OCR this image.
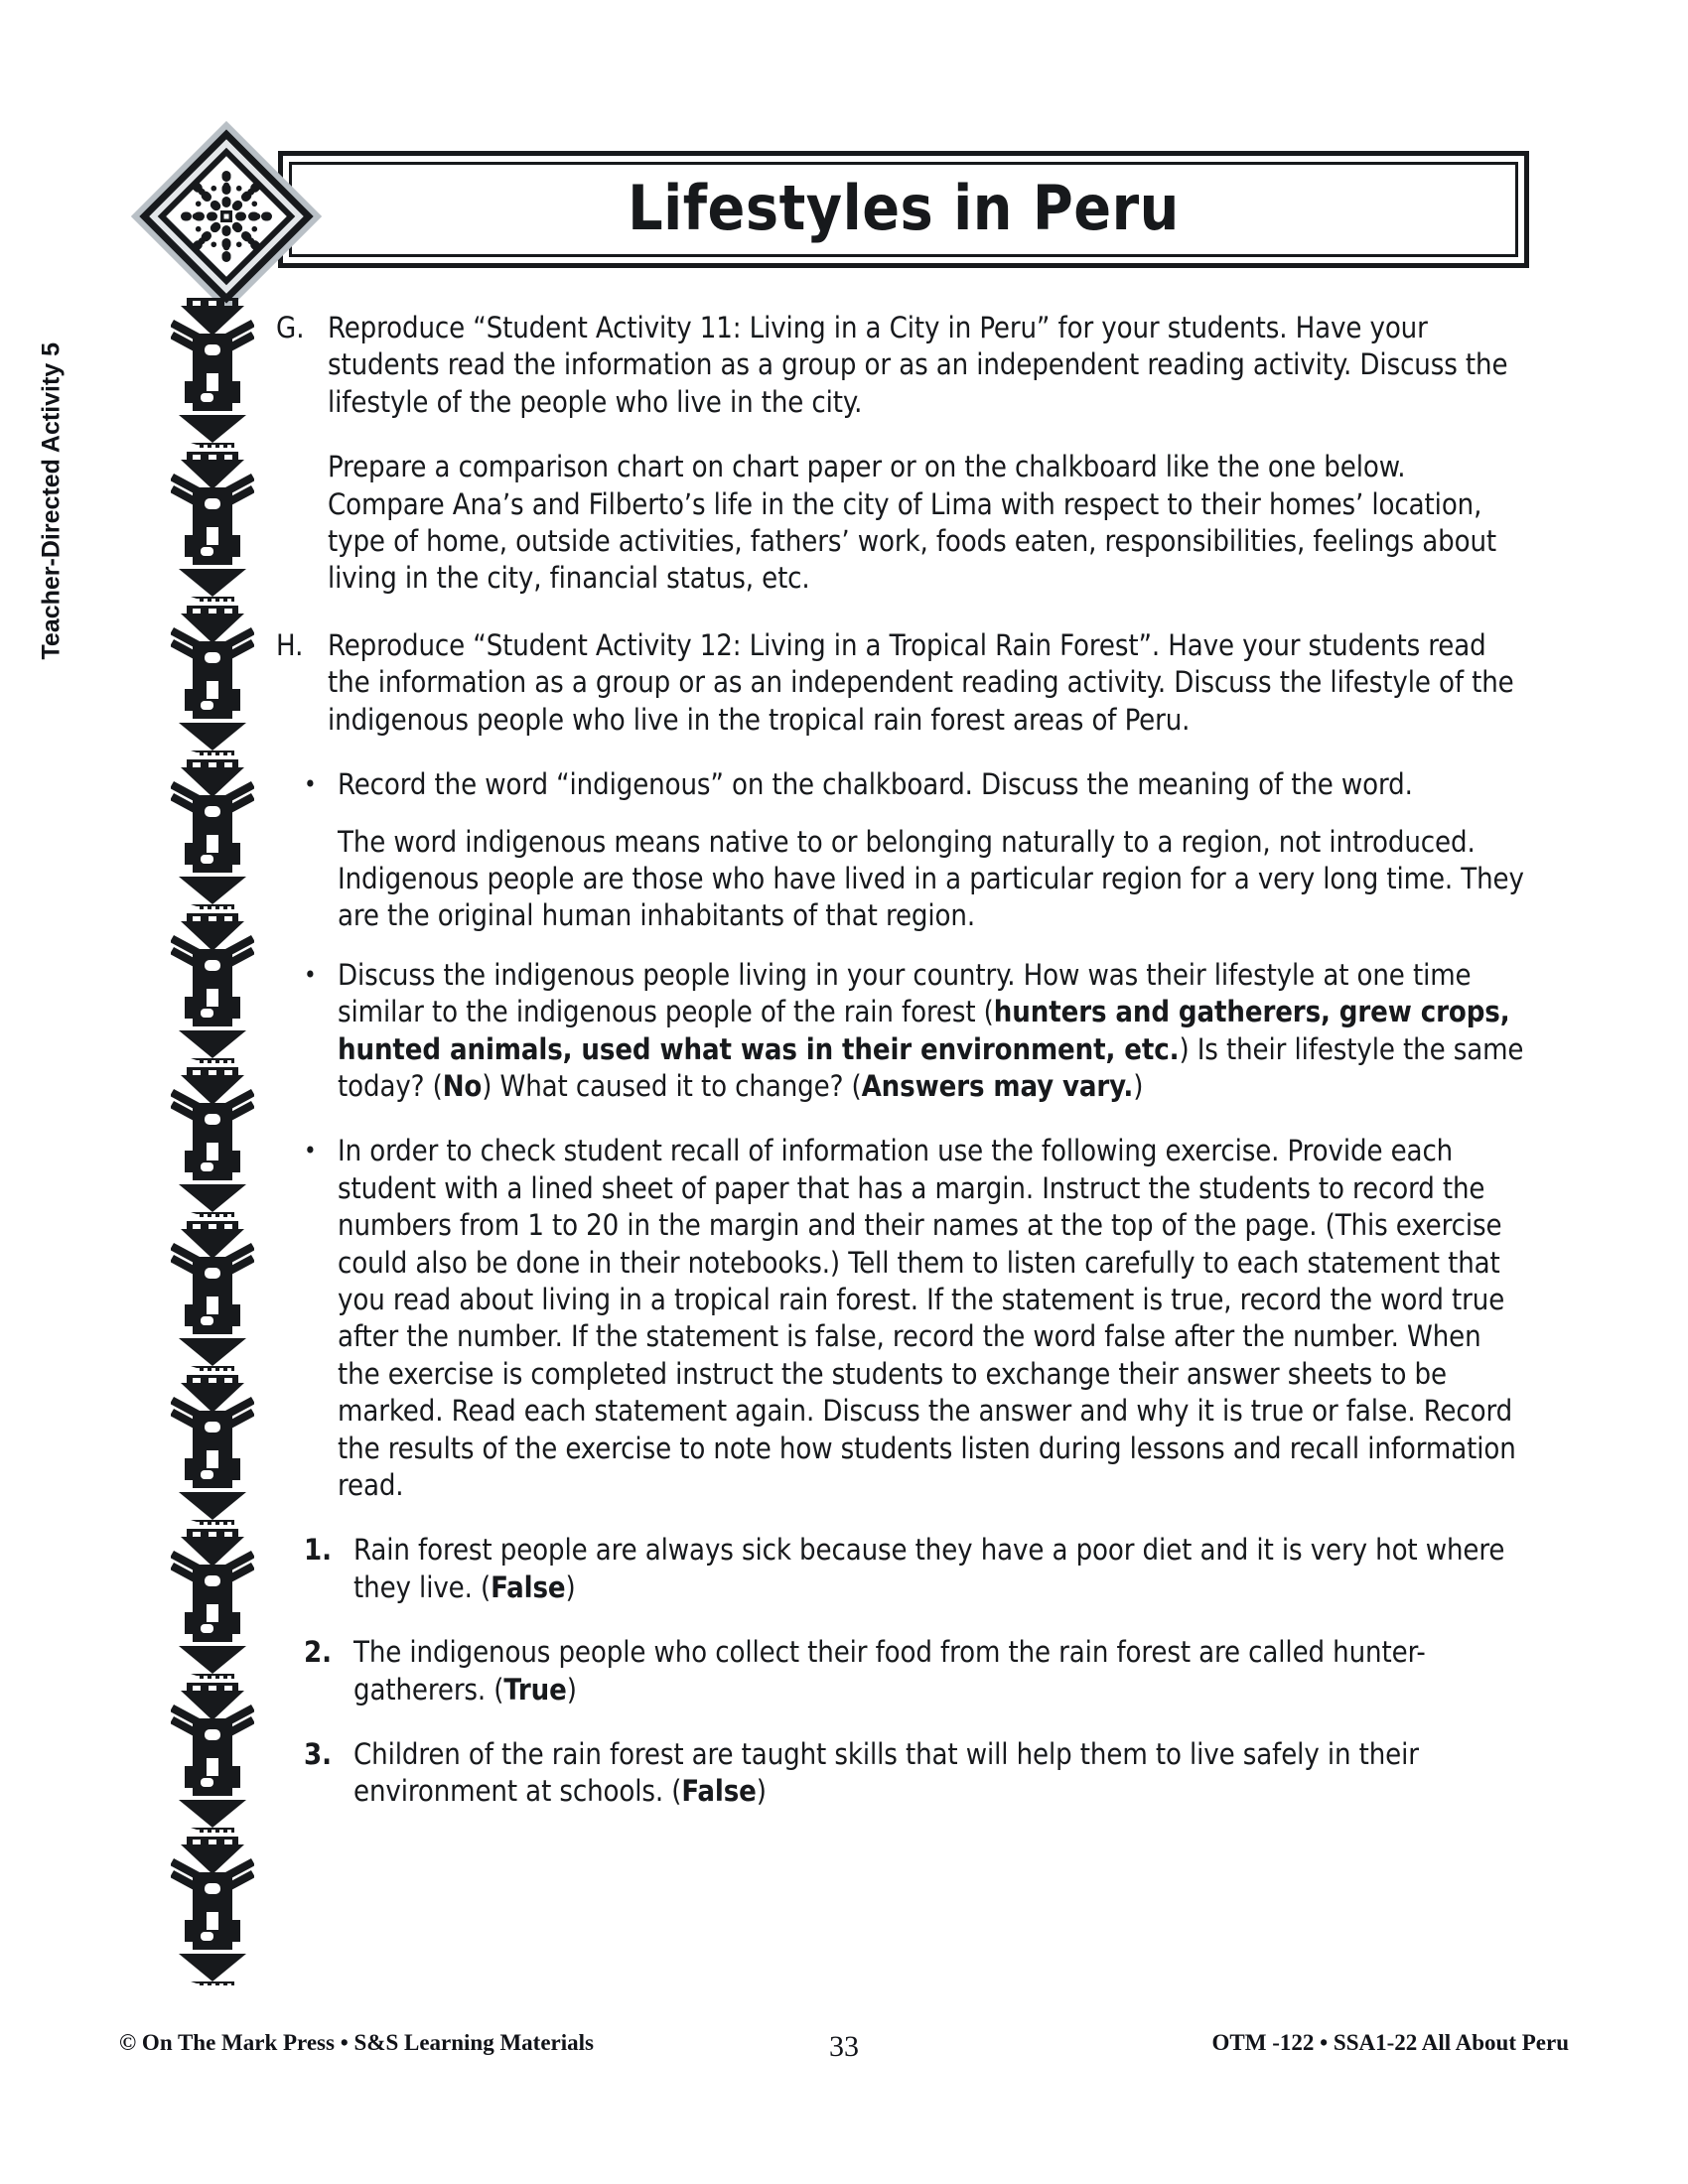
Lifestyles in Peru
Teacher-Directed Activity 5
G. Reproduce “Student Activity 11: Living in a City in Peru” for your students. Have your students read the information as a group or as an independent reading activity. Discuss the lifestyle of the people who live in the city.
Prepare a comparison chart on chart paper or on the chalkboard like the one below. Compare Ana’s and Filberto’s life in the city of Lima with respect to their homes’ location, type of home, outside activities, fathers’ work, foods eaten, responsibilities, feelings about living in the city, financial status, etc.
H. Reproduce “Student Activity 12: Living in a Tropical Rain Forest”. Have your students read the information as a group or as an independent reading activity. Discuss the lifestyle of the indigenous people who live in the tropical rain forest areas of Peru.
• Record the word “indigenous” on the chalkboard. Discuss the meaning of the word.
The word indigenous means native to or belonging naturally to a region, not introduced. Indigenous people are those who have lived in a particular region for a very long time. They are the original human inhabitants of that region.
• Discuss the indigenous people living in your country. How was their lifestyle at one time similar to the indigenous people of the rain forest (hunters and gatherers, grew crops, hunted animals, used what was in their environment, etc.) Is their lifestyle the same today? (No) What caused it to change? (Answers may vary.)
• In order to check student recall of information use the following exercise. Provide each student with a lined sheet of paper that has a margin. Instruct the students to record the numbers from 1 to 20 in the margin and their names at the top of the page. (This exercise could also be done in their notebooks.) Tell them to listen carefully to each statement that you read about living in a tropical rain forest. If the statement is true, record the word true after the number. If the statement is false, record the word false after the number. When the exercise is completed instruct the students to exchange their answer sheets to be marked. Read each statement again. Discuss the answer and why it is true or false. Record the results of the exercise to note how students listen during lessons and recall information read.
1. Rain forest people are always sick because they have a poor diet and it is very hot where they live. (False)
2. The indigenous people who collect their food from the rain forest are called hunter-gatherers. (True)
3. Children of the rain forest are taught skills that will help them to live safely in their environment at schools. (False)
© On The Mark Press • S&S Learning Materials	33	OTM -122 • SSA1-22 All About Peru
